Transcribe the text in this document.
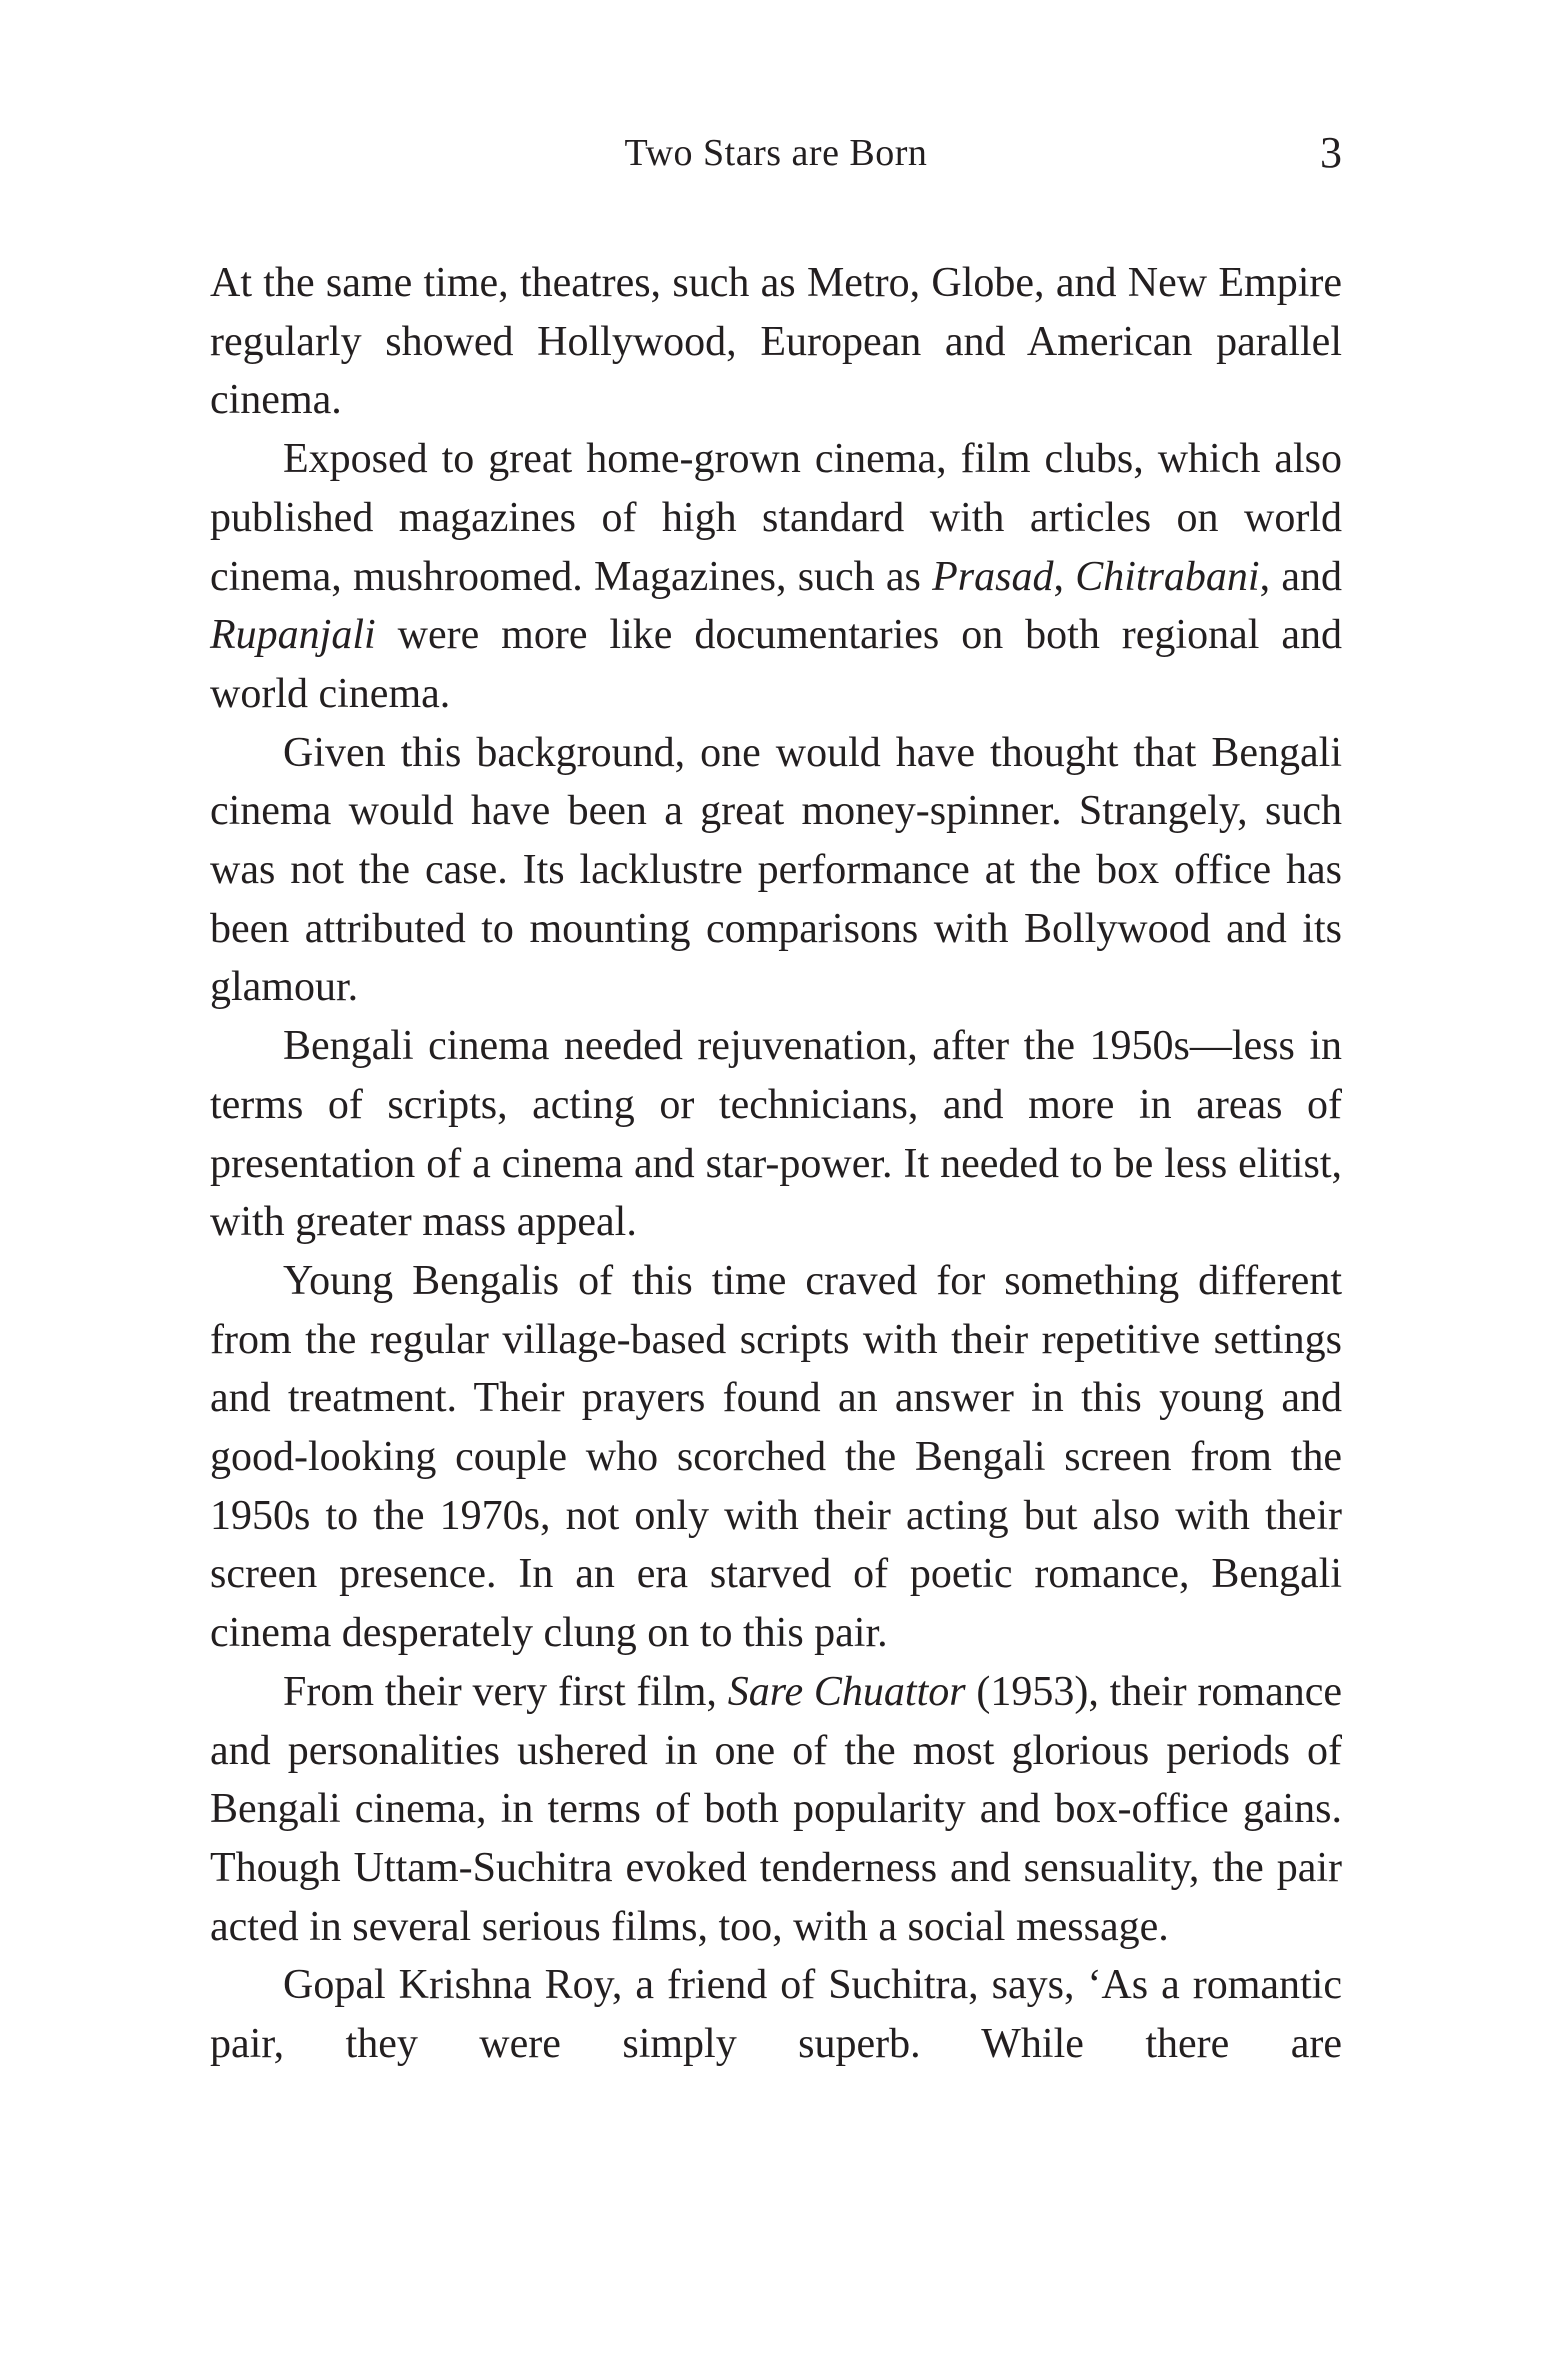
Two Stars are Born	3

At the same time, theatres, such as Metro, Globe, and New Empire regularly showed Hollywood, European and American parallel cinema.

Exposed to great home-grown cinema, film clubs, which also published magazines of high standard with articles on world cinema, mushroomed. Magazines, such as Prasad, Chitrabani, and Rupanjali were more like documentaries on both regional and world cinema.

Given this background, one would have thought that Bengali cinema would have been a great money-spinner. Strangely, such was not the case. Its lacklustre performance at the box office has been attributed to mounting comparisons with Bollywood and its glamour.

Bengali cinema needed rejuvenation, after the 1950s—less in terms of scripts, acting or technicians, and more in areas of presentation of a cinema and star-power. It needed to be less elitist, with greater mass appeal.

Young Bengalis of this time craved for something different from the regular village-based scripts with their repetitive settings and treatment. Their prayers found an answer in this young and good-looking couple who scorched the Bengali screen from the 1950s to the 1970s, not only with their acting but also with their screen presence. In an era starved of poetic romance, Bengali cinema desperately clung on to this pair.

From their very first film, Sare Chuattor (1953), their romance and personalities ushered in one of the most glorious periods of Bengali cinema, in terms of both popularity and box-office gains. Though Uttam-Suchitra evoked tenderness and sensuality, the pair acted in several serious films, too, with a social message.

Gopal Krishna Roy, a friend of Suchitra, says, ‘As a romantic pair, they were simply superb. While there are
